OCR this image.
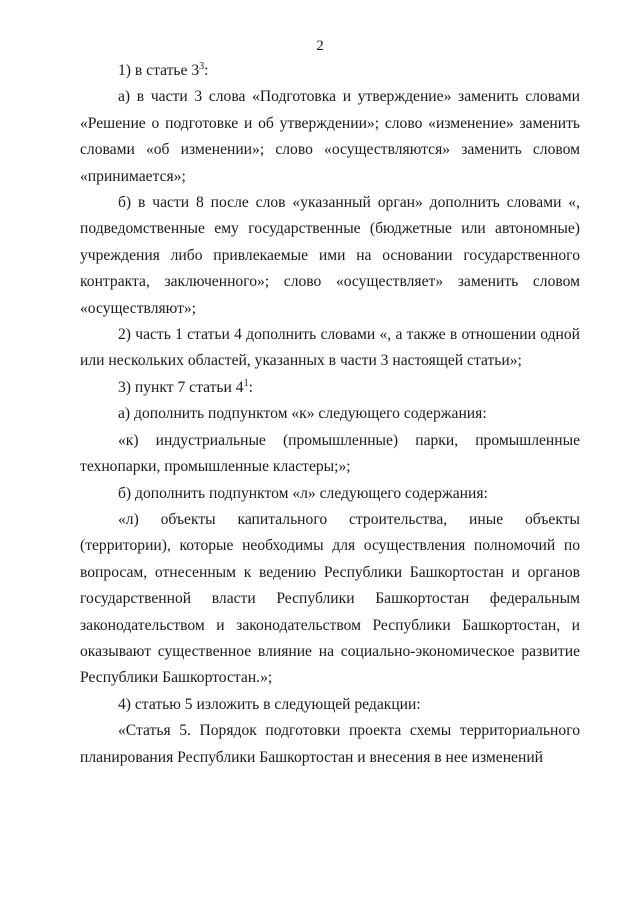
2

1) в статье $3^3$:

а) в части 3 слова «Подготовка и утверждение» заменить словами «Решение о подготовке и об утверждении»; слово «изменение» заменить словами «об изменении»; слово «осуществляются» заменить словом «принимается»;

б) в части 8 после слов «указанный орган» дополнить словами «, подведомственные ему государственные (бюджетные или автономные) учреждения либо привлекаемые ими на основании государственного контракта, заключенного»; слово «осуществляет» заменить словом «осуществляют»;

2) часть 1 статьи 4 дополнить словами «, а также в отношении одной или нескольких областей, указанных в части 3 настоящей статьи»;

3) пункт 7 статьи $4^1$:

а) дополнить подпунктом «к» следующего содержания:

«к) индустриальные (промышленные) парки, промышленные технопарки, промышленные кластеры;»;

б) дополнить подпунктом «л» следующего содержания:

«л) объекты капитального строительства, иные объекты (территории), которые необходимы для осуществления полномочий по вопросам, отнесенным к ведению Республики Башкортостан и органов государственной власти Республики Башкортостан федеральным законодательством и законодательством Республики Башкортостан, и оказывают существенное влияние на социально-экономическое развитие Республики Башкортостан.»;

4) статью 5 изложить в следующей редакции:

«Статья 5. Порядок подготовки проекта схемы территориального планирования Республики Башкортостан и внесения в нее изменений
